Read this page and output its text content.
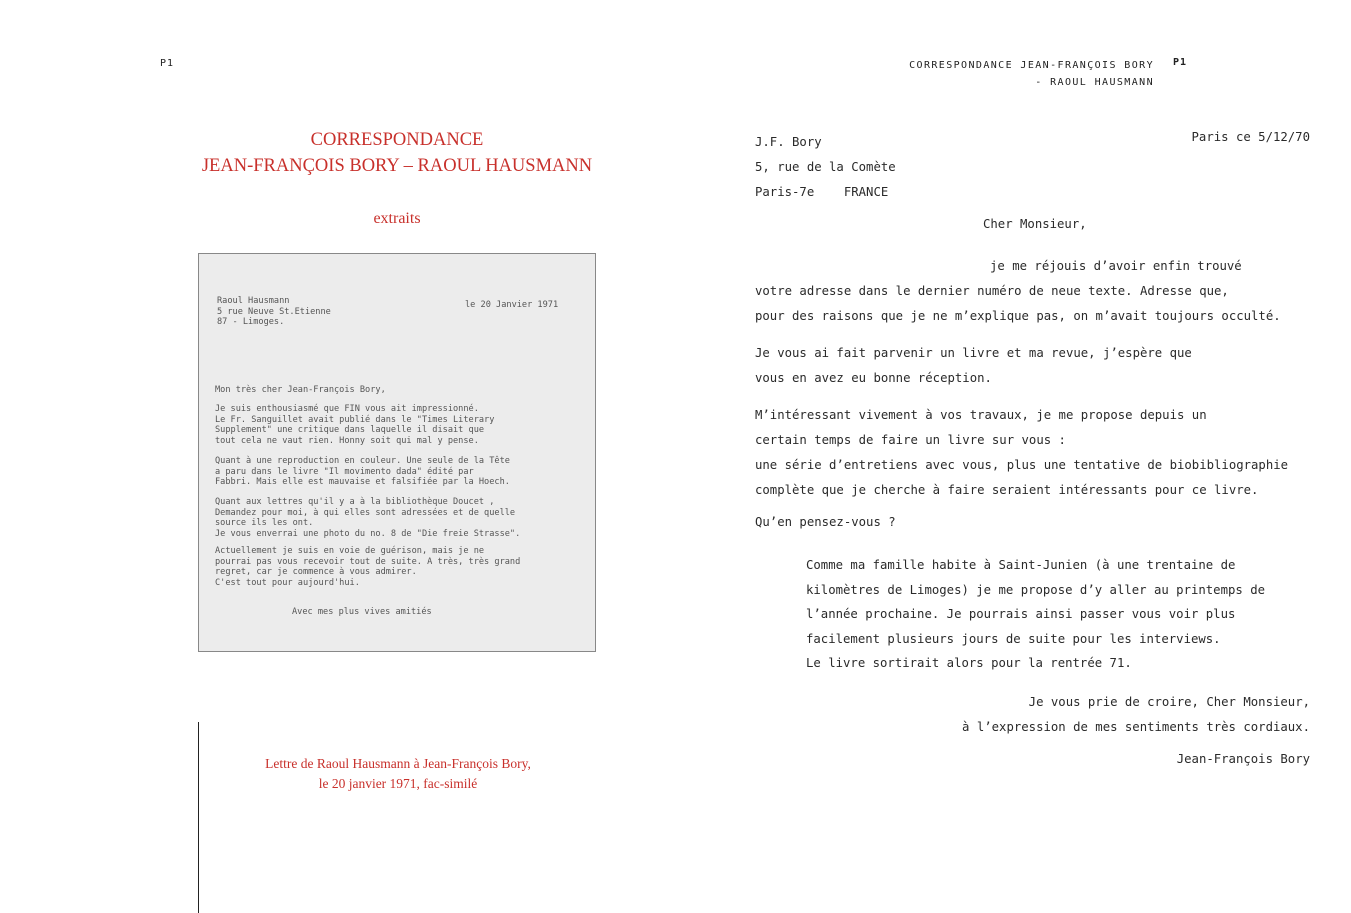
P1
CORRESPONDANCE
JEAN-FRANÇOIS BORY – RAOUL HAUSMANN
extraits
Raoul Hausmann
5 rue Neuve St.Etienne
87 - Limoges.
le 20 Janvier 1971
Mon très cher Jean-François Bory,
Je suis enthousiasmé que FIN vous ait impressionné.
Le Fr. Sanguillet avait publié dans le "Times Literary
Supplement" une critique dans laquelle il disait que
tout cela ne vaut rien. Honny soit qui mal y pense.
Quant à une reproduction en couleur. Une seule de la Tête
a paru dans le livre "Il movimento dada" édité par
Fabbri. Mais elle est mauvaise et falsifiée par la Hoech.
Quant aux lettres qu'il y a à la bibliothèque Doucet ,
Demandez pour moi, à qui elles sont adressées et de quelle
source ils les ont.
Je vous enverrai une photo du no. 8 de "Die freie Strasse".
Actuellement je suis en voie de guérison, mais je ne
pourrai pas vous recevoir tout de suite. A très, très grand
regret, car je commence à vous admirer.
C'est tout pour aujourd'hui.
Avec mes plus vives amitiés
Lettre de Raoul Hausmann à Jean-François Bory,
le 20 janvier 1971, fac-similé
CORRESPONDANCE JEAN-FRANÇOIS BORY
- RAOUL HAUSMANN
P1
J.F. Bory
5, rue de la Comète
Paris-7e    FRANCE
Paris ce 5/12/70
Cher Monsieur,
je me réjouis d’avoir enfin trouvé
votre adresse dans le dernier numéro de neue texte. Adresse que,
pour des raisons que je ne m’explique pas, on m’avait toujours occulté.
Je vous ai fait parvenir un livre et ma revue, j’espère que
vous en avez eu bonne réception.
M’intéressant vivement à vos travaux, je me propose depuis un
certain temps de faire un livre sur vous :
une série d’entretiens avec vous, plus une tentative de biobibliographie
complète que je cherche à faire seraient intéressants pour ce livre.
Qu’en pensez-vous ?
Comme ma famille habite à Saint-Junien (à une trentaine de
kilomètres de Limoges) je me propose d’y aller au printemps de
l’année prochaine. Je pourrais ainsi passer vous voir plus
facilement plusieurs jours de suite pour les interviews.
Le livre sortirait alors pour la rentrée 71.
Je vous prie de croire, Cher Monsieur,
à l’expression de mes sentiments très cordiaux.
Jean-François Bory
